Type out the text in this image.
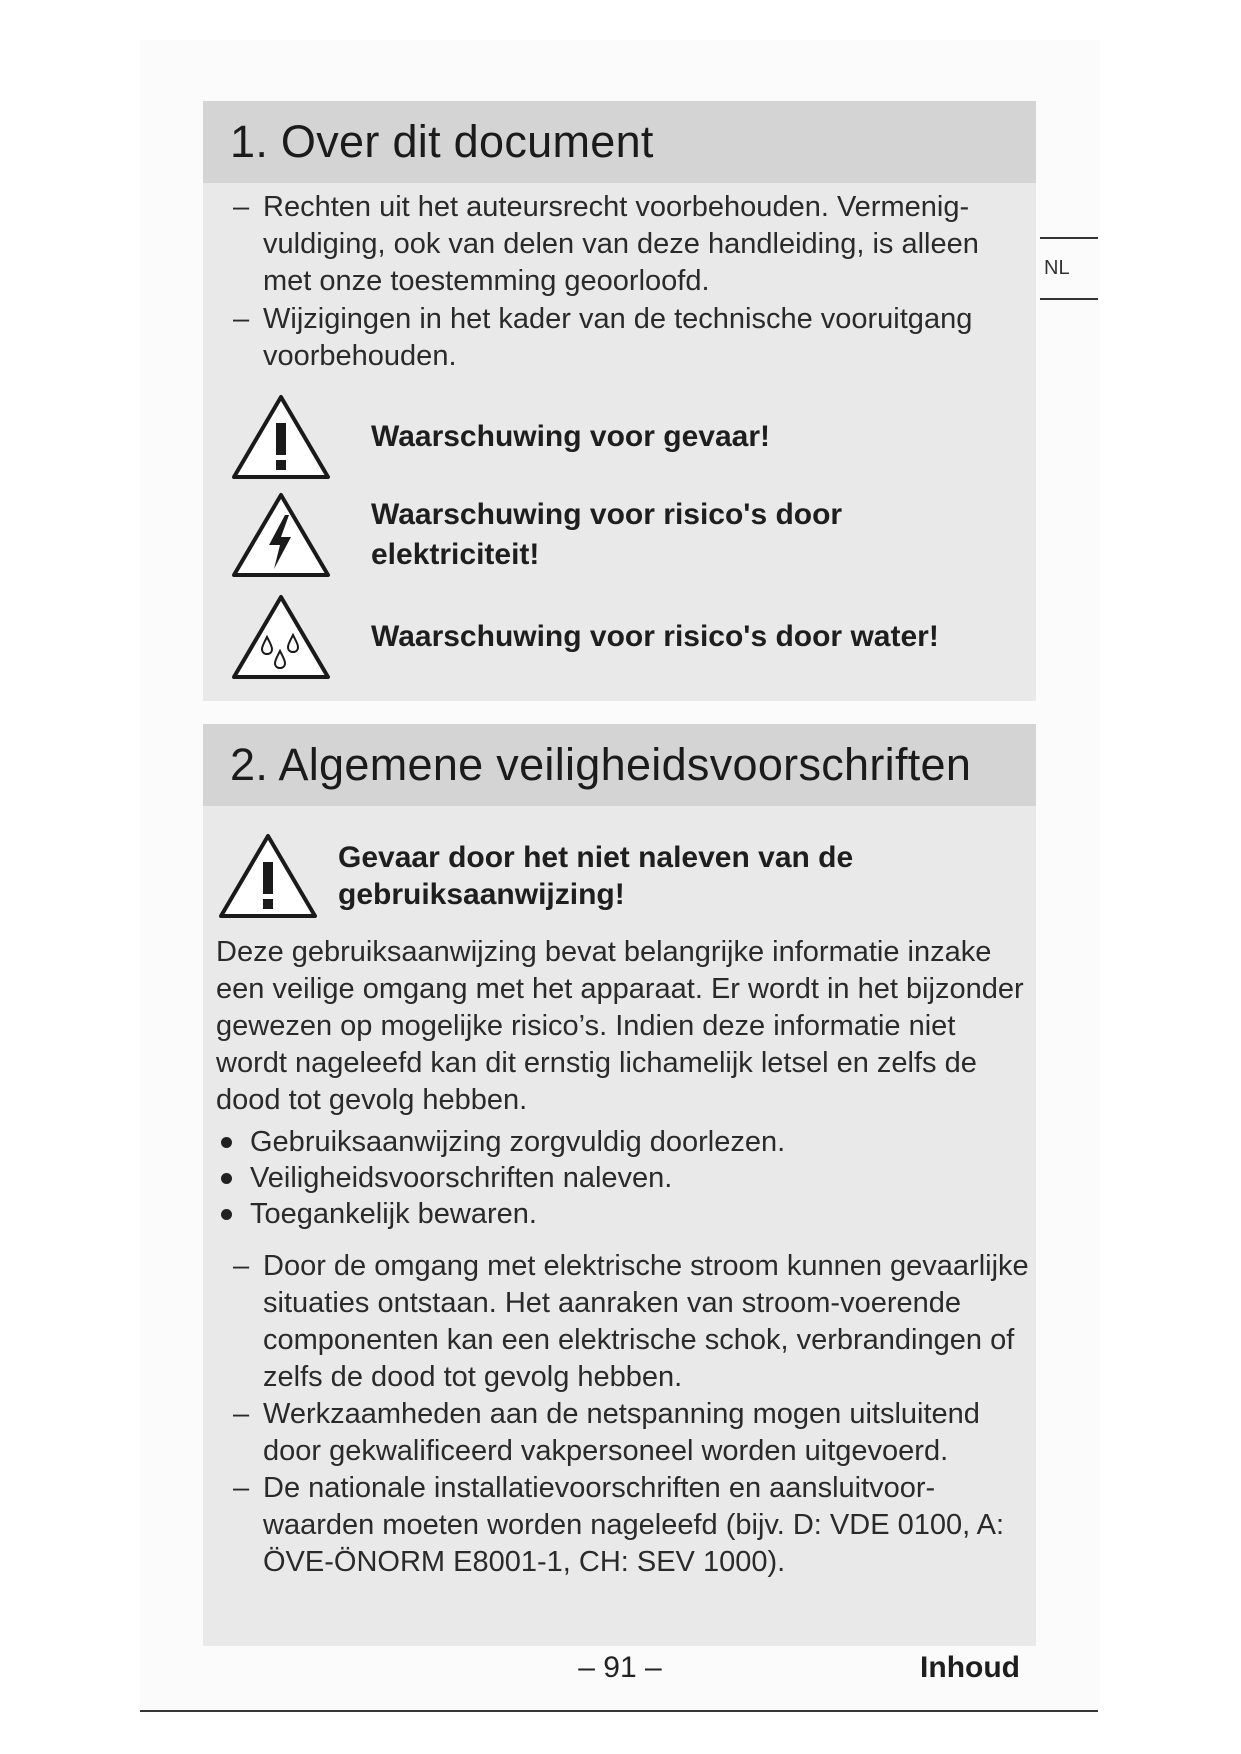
1. Over dit document
– Rechten uit het auteursrecht voorbehouden. Vermenig-vuldiging, ook van delen van deze handleiding, is alleen met onze toestemming geoorloofd.
– Wijzigingen in het kader van de technische vooruitgang voorbehouden.
Waarschuwing voor gevaar!
Waarschuwing voor risico's door elektriciteit!
Waarschuwing voor risico's door water!
NL
2. Algemene veiligheidsvoorschriften
Gevaar door het niet naleven van de gebruiksaanwijzing!
Deze gebruiksaanwijzing bevat belangrijke informatie inzake een veilige omgang met het apparaat. Er wordt in het bijzonder gewezen op mogelijke risico’s. Indien deze informatie niet wordt nageleefd kan dit ernstig lichamelijk letsel en zelfs de dood tot gevolg hebben.
Gebruiksaanwijzing zorgvuldig doorlezen.
Veiligheidsvoorschriften naleven.
Toegankelijk bewaren.
– Door de omgang met elektrische stroom kunnen gevaarlijke situaties ontstaan. Het aanraken van stroom-voerende componenten kan een elektrische schok, verbrandingen of zelfs de dood tot gevolg hebben.
– Werkzaamheden aan de netspanning mogen uitsluitend door gekwalificeerd vakpersoneel worden uitgevoerd.
– De nationale installatievoorschriften en aansluitvoor-waarden moeten worden nageleefd (bijv. D: VDE 0100, A: ÖVE-ÖNORM E8001-1, CH: SEV 1000).
– 91 –	Inhoud
